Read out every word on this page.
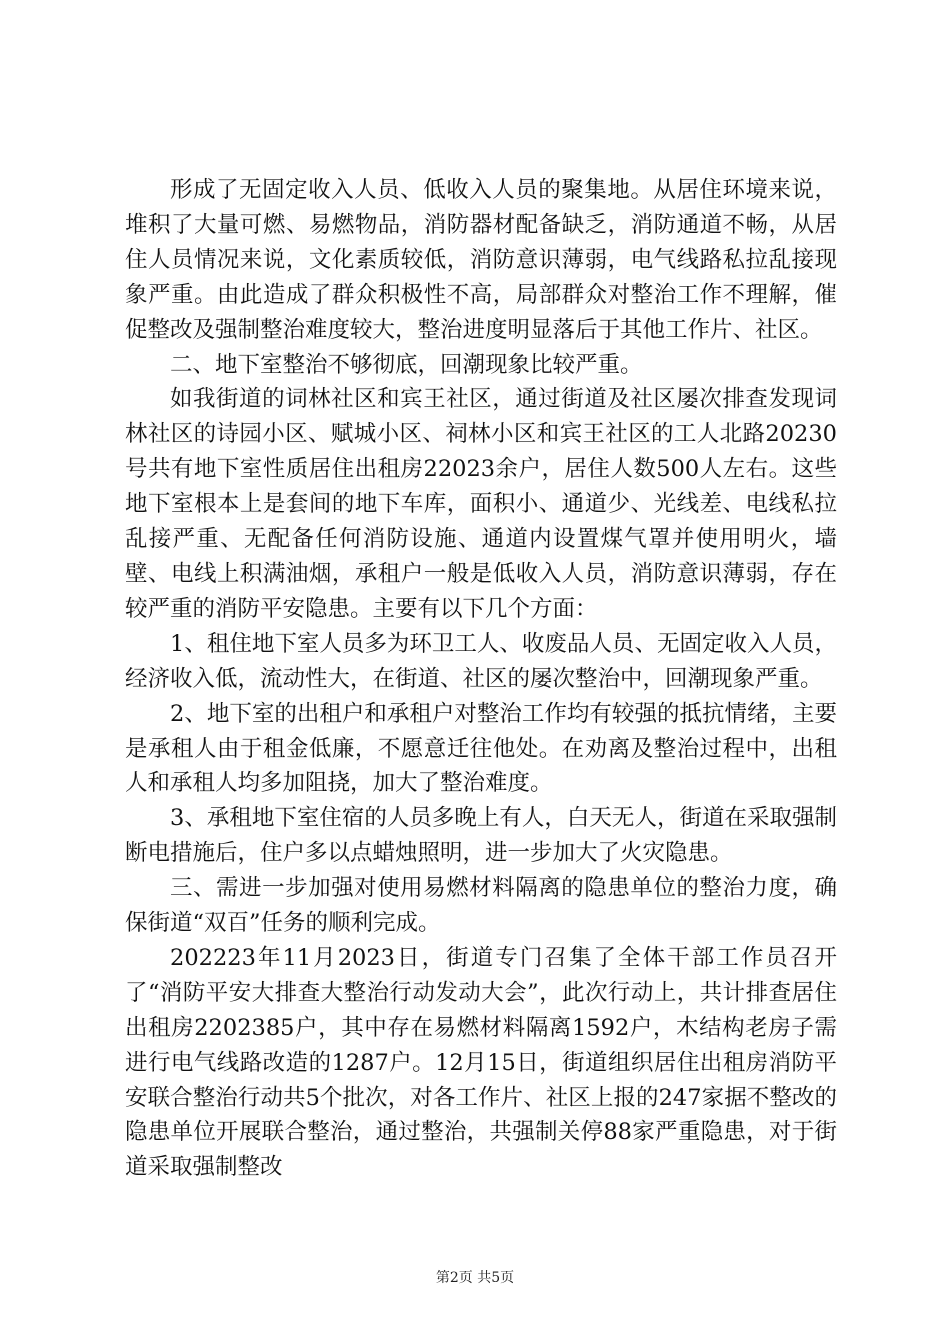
形成了无固定收入人员、低收入人员的聚集地。从居住环境来说，堆积了大量可燃、易燃物品，消防器材配备缺乏，消防通道不畅，从居住人员情况来说，文化素质较低，消防意识薄弱，电气线路私拉乱接现象严重。由此造成了群众积极性不高，局部群众对整治工作不理解，催促整改及强制整治难度较大，整治进度明显落后于其他工作片、社区。

二、地下室整治不够彻底，回潮现象比较严重。

如我街道的词林社区和宾王社区，通过街道及社区屡次排查发现词林社区的诗园小区、赋城小区、祠林小区和宾王社区的工人北路20230号共有地下室性质居住出租房22023余户，居住人数500人左右。这些地下室根本上是套间的地下车库，面积小、通道少、光线差、电线私拉乱接严重、无配备任何消防设施、通道内设置煤气罩并使用明火，墙壁、电线上积满油烟，承租户一般是低收入人员，消防意识薄弱，存在较严重的消防平安隐患。主要有以下几个方面：

1、租住地下室人员多为环卫工人、收废品人员、无固定收入人员，经济收入低，流动性大，在街道、社区的屡次整治中，回潮现象严重。

2、地下室的出租户和承租户对整治工作均有较强的抵抗情绪，主要是承租人由于租金低廉，不愿意迁往他处。在劝离及整治过程中，出租人和承租人均多加阻挠，加大了整治难度。

3、承租地下室住宿的人员多晚上有人，白天无人，街道在采取强制断电措施后，住户多以点蜡烛照明，进一步加大了火灾隐患。

三、需进一步加强对使用易燃材料隔离的隐患单位的整治力度，确保街道“双百”任务的顺利完成。

202223年11月2023日，街道专门召集了全体干部工作员召开了“消防平安大排查大整治行动发动大会”，此次行动上，共计排查居住出租房2202385户，其中存在易燃材料隔离1592户，木结构老房子需进行电气线路改造的1287户。12月15日，街道组织居住出租房消防平安联合整治行动共5个批次，对各工作片、社区上报的247家据不整改的隐患单位开展联合整治，通过整治，共强制关停88家严重隐患，对于街道采取强制整改

第2页 共5页
